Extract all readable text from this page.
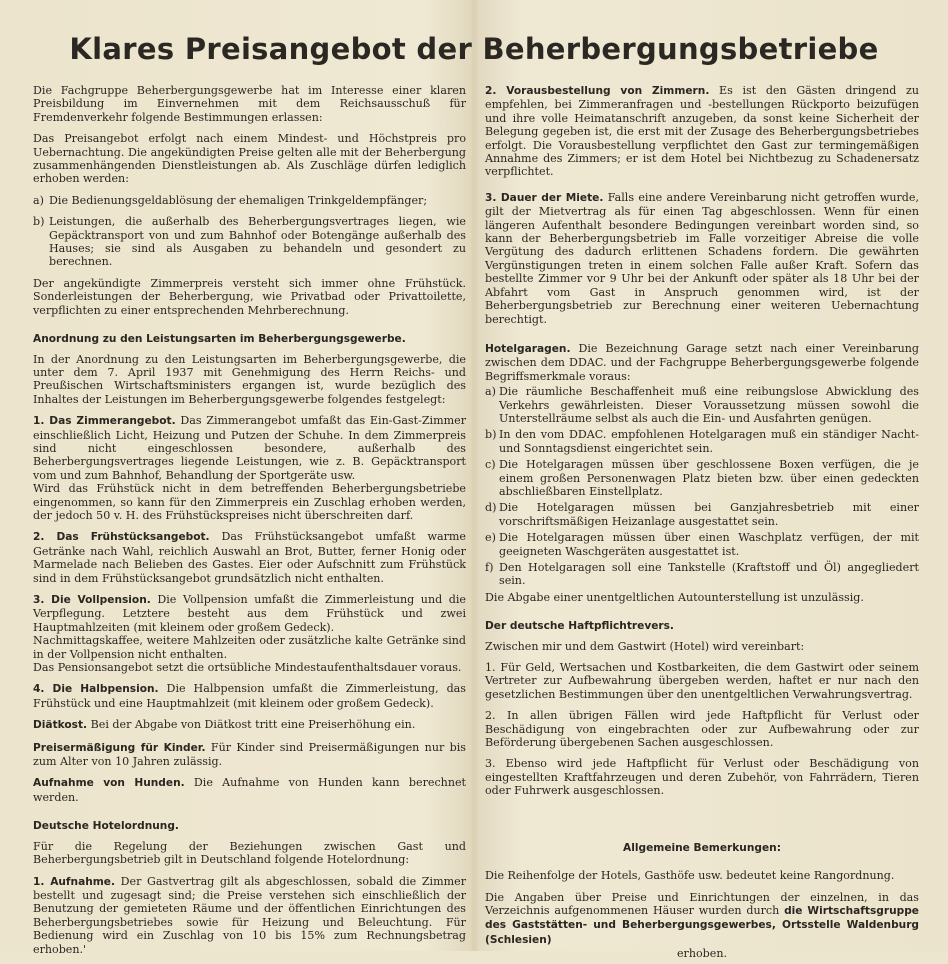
Klares Preisangebot der Beherbergungsbetriebe

Die Fachgruppe Beherbergungsgewerbe hat im Interesse einer klaren Preisbildung im Einvernehmen mit dem Reichsausschuß für Fremdenverkehr folgende Bestimmungen erlassen:

Das Preisangebot erfolgt nach einem Mindest- und Höchstpreis pro Uebernachtung. Die angekündigten Preise gelten alle mit der Beherbergung zusammenhängenden Dienstleistungen ab. Als Zuschläge dürfen lediglich erhoben werden:

a) Die Bedienungsgeldablösung der ehemaligen Trinkgeldempfänger;
b) Leistungen, die außerhalb des Beherbergungsvertrages liegen, wie Gepäcktransport von und zum Bahnhof oder Botengänge außerhalb des Hauses; sie sind als Ausgaben zu behandeln und gesondert zu berechnen.

Der angekündigte Zimmerpreis versteht sich immer ohne Frühstück. Sonderleistungen der Beherbergung, wie Privatbad oder Privattoilette, verpflichten zu einer entsprechenden Mehrberechnung.

Anordnung zu den Leistungsarten im Beherbergungsgewerbe.

In der Anordnung zu den Leistungsarten im Beherbergungsgewerbe, die unter dem 7. April 1937 mit Genehmigung des Herrn Reichs- und Preußischen Wirtschaftsministers ergangen ist, wurde bezüglich des Inhaltes der Leistungen im Beherbergungsgewerbe folgendes festgelegt:

1. Das Zimmerangebot. Das Zimmerangebot umfaßt das Ein-Gast-Zimmer einschließlich Licht, Heizung und Putzen der Schuhe. In dem Zimmerpreis sind nicht eingeschlossen besondere, außerhalb des Beherbergungsvertrages liegende Leistungen, wie z. B. Gepäcktransport vom und zum Bahnhof, Behandlung der Sportgeräte usw.
Wird das Frühstück nicht in dem betreffenden Beherbergungsbetriebe eingenommen, so kann für den Zimmerpreis ein Zuschlag erhoben werden, der jedoch 50 v. H. des Frühstückspreises nicht überschreiten darf.

2. Das Frühstücksangebot. Das Frühstücksangebot umfaßt warme Getränke nach Wahl, reichlich Auswahl an Brot, Butter, ferner Honig oder Marmelade nach Belieben des Gastes. Eier oder Aufschnitt zum Frühstück sind in dem Frühstücksangebot grundsätzlich nicht enthalten.

3. Die Vollpension. Die Vollpension umfaßt die Zimmerleistung und die Verpflegung. Letztere besteht aus dem Frühstück und zwei Hauptmahlzeiten (mit kleinem oder großem Gedeck).
Nachmittagskaffee, weitere Mahlzeiten oder zusätzliche kalte Getränke sind in der Vollpension nicht enthalten.
Das Pensionsangebot setzt die ortsübliche Mindestaufenthaltsdauer voraus.

4. Die Halbpension. Die Halbpension umfaßt die Zimmerleistung, das Frühstück und eine Hauptmahlzeit (mit kleinem oder großem Gedeck).

Diätkost. Bei der Abgabe von Diätkost tritt eine Preiserhöhung ein.

Preisermäßigung für Kinder. Für Kinder sind Preisermäßigungen nur bis zum Alter von 10 Jahren zulässig.

Aufnahme von Hunden. Die Aufnahme von Hunden kann berechnet werden.

Deutsche Hotelordnung.

Für die Regelung der Beziehungen zwischen Gast und Beherbergungsbetrieb gilt in Deutschland folgende Hotelordnung:

1. Aufnahme. Der Gastvertrag gilt als abgeschlossen, sobald die Zimmer bestellt und zugesagt sind; die Preise verstehen sich einschließlich der Benutzung der gemieteten Räume und der öffentlichen Einrichtungen des Beherbergungsbetriebes sowie für Heizung und Beleuchtung. Für Bedienung wird ein Zuschlag von 10 bis 15% zum Rechnungsbetrag erhoben.'

2. Vorausbestellung von Zimmern. Es ist den Gästen dringend zu empfehlen, bei Zimmeranfragen und -bestellungen Rückporto beizufügen und ihre volle Heimatanschrift anzugeben, da sonst keine Sicherheit der Belegung gegeben ist, die erst mit der Zusage des Beherbergungsbetriebes erfolgt. Die Vorausbestellung verpflichtet den Gast zur termingemäßigen Annahme des Zimmers; er ist dem Hotel bei Nichtbezug zu Schadenersatz verpflichtet.

3. Dauer der Miete. Falls eine andere Vereinbarung nicht getroffen wurde, gilt der Mietvertrag als für einen Tag abgeschlossen. Wenn für einen längeren Aufenthalt besondere Bedingungen vereinbart worden sind, so kann der Beherbergungsbetrieb im Falle vorzeitiger Abreise die volle Vergütung des dadurch erlittenen Schadens fordern. Die gewährten Vergünstigungen treten in einem solchen Falle außer Kraft. Sofern das bestellte Zimmer vor 9 Uhr bei der Ankunft oder später als 18 Uhr bei der Abfahrt vom Gast in Anspruch genommen wird, ist der Beherbergungsbetrieb zur Berechnung einer weiteren Uebernachtung berechtigt.

Hotelgaragen. Die Bezeichnung Garage setzt nach einer Vereinbarung zwischen dem DDAC. und der Fachgruppe Beherbergungsgewerbe folgende Begriffsmerkmale voraus:

a) Die räumliche Beschaffenheit muß eine reibungslose Abwicklung des Verkehrs gewährleisten. Dieser Voraussetzung müssen sowohl die Unterstellräume selbst als auch die Ein- und Ausfahrten genügen.
b) In den vom DDAC. empfohlenen Hotelgaragen muß ein ständiger Nacht- und Sonntagsdienst eingerichtet sein.
c) Die Hotelgaragen müssen über geschlossene Boxen verfügen, die je einem großen Personenwagen Platz bieten bzw. über einen gedeckten abschließbaren Einstellplatz.
d) Die Hotelgaragen müssen bei Ganzjahresbetrieb mit einer vorschriftsmäßigen Heizanlage ausgestattet sein.
e) Die Hotelgaragen müssen über einen Waschplatz verfügen, der mit geeigneten Waschgeräten ausgestattet ist.
f) Den Hotelgaragen soll eine Tankstelle (Kraftstoff und Öl) angegliedert sein.

Die Abgabe einer unentgeltlichen Autounterstellung ist unzulässig.

Der deutsche Haftpflichtrevers.

Zwischen mir und dem Gastwirt (Hotel) wird vereinbart:

1. Für Geld, Wertsachen und Kostbarkeiten, die dem Gastwirt oder seinem Vertreter zur Aufbewahrung übergeben werden, haftet er nur nach den gesetzlichen Bestimmungen über den unentgeltlichen Verwahrungsvertrag.

2. In allen übrigen Fällen wird jede Haftpflicht für Verlust oder Beschädigung von eingebrachten oder zur Aufbewahrung oder zur Beförderung übergebenen Sachen ausgeschlossen.

3. Ebenso wird jede Haftpflicht für Verlust oder Beschädigung von eingestellten Kraftfahrzeugen und deren Zubehör, von Fahrrädern, Tieren oder Fuhrwerk ausgeschlossen.

Allgemeine Bemerkungen:

Die Reihenfolge der Hotels, Gasthöfe usw. bedeutet keine Rangordnung.

Die Angaben über Preise und Einrichtungen der einzelnen, in das Verzeichnis aufgenommenen Häuser wurden durch die Wirtschaftsgruppe des Gaststätten- und Beherbergungsgewerbes, Ortsstelle Waldenburg (Schlesien)

erhoben.
